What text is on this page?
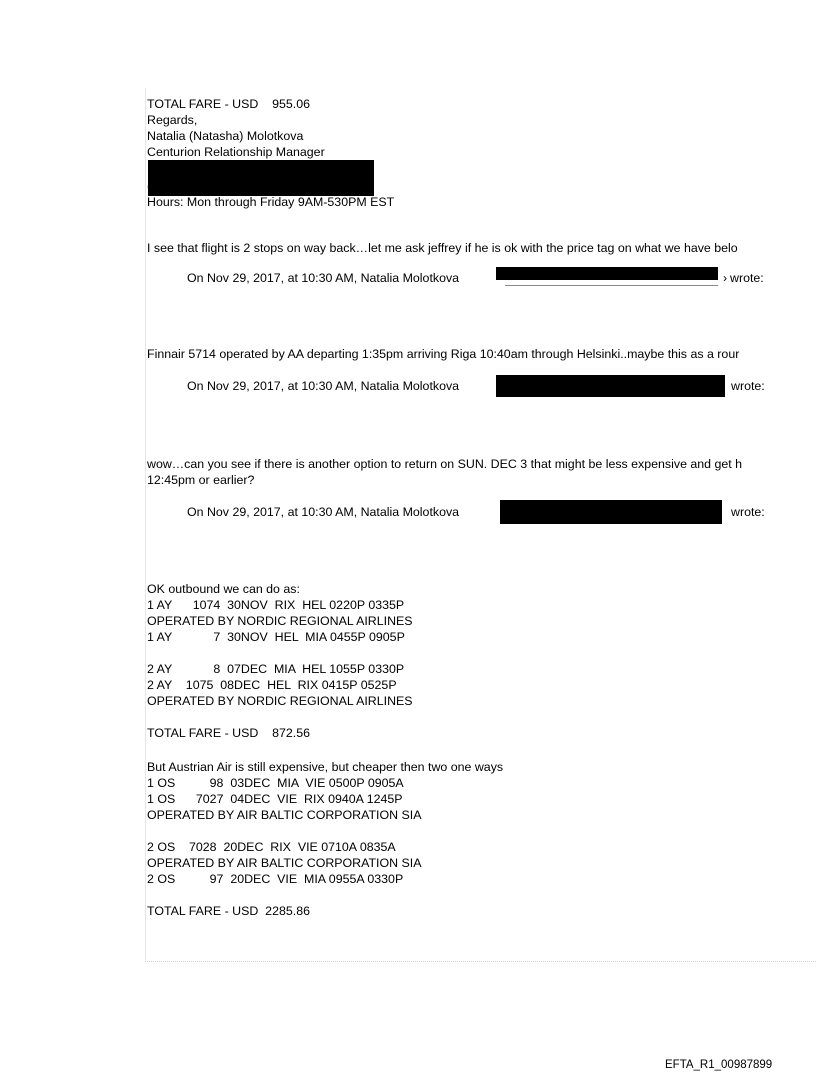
TOTAL FARE - USD    955.06

Regards,

Natalia (Natasha) Molotkova

Centurion Relationship Manager

Hours: Mon through Friday 9AM-530PM EST

I see that flight is 2 stops on way back…let me ask jeffrey if he is ok with the price tag on what we have belo

On Nov 29, 2017, at 10:30 AM, Natalia Molotkova	wrote:

›

Finnair 5714 operated by AA departing 1:35pm arriving Riga 10:40am through Helsinki..maybe this as a rour

On Nov 29, 2017, at 10:30 AM, Natalia Molotkova	wrote:

wow…can you see if there is another option to return on SUN. DEC 3 that might be less expensive and get h

12:45pm or earlier?

On Nov 29, 2017, at 10:30 AM, Natalia Molotkova	wrote:

OK outbound we can do as:

1 AY      1074  30NOV  RIX  HEL 0220P 0335P

OPERATED BY NORDIC REGIONAL AIRLINES

1 AY            7  30NOV  HEL  MIA 0455P 0905P

2 AY            8  07DEC  MIA  HEL 1055P 0330P

2 AY    1075  08DEC  HEL  RIX 0415P 0525P

OPERATED BY NORDIC REGIONAL AIRLINES

TOTAL FARE - USD    872.56

But Austrian Air is still expensive, but cheaper then two one ways

1 OS          98  03DEC  MIA  VIE 0500P 0905A

1 OS      7027  04DEC  VIE  RIX 0940A 1245P

OPERATED BY AIR BALTIC CORPORATION SIA

2 OS    7028  20DEC  RIX  VIE 0710A 0835A

OPERATED BY AIR BALTIC CORPORATION SIA

2 OS          97  20DEC  VIE  MIA 0955A 0330P

TOTAL FARE - USD  2285.86

EFTA_R1_00987899
